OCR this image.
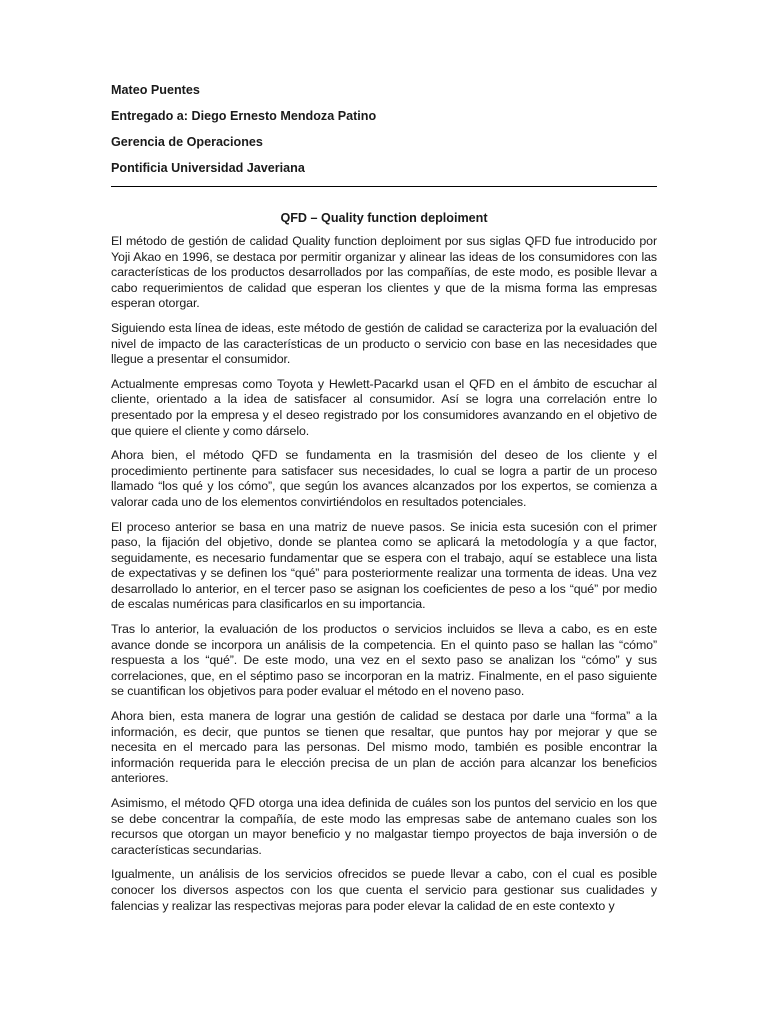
Mateo Puentes
Entregado a: Diego Ernesto Mendoza Patino
Gerencia de Operaciones
Pontificia Universidad Javeriana
QFD – Quality function deploiment

El método de gestión de calidad Quality function deploiment por sus siglas QFD fue introducido por Yoji Akao en 1996, se destaca por permitir organizar y alinear las ideas de los consumidores con las características de los productos desarrollados por las compañías, de este modo, es posible llevar a cabo requerimientos de calidad que esperan los clientes y que de la misma forma las empresas esperan otorgar.

Siguiendo esta línea de ideas, este método de gestión de calidad se caracteriza por la evaluación del nivel de impacto de las características de un producto o servicio con base en las necesidades que llegue a presentar el consumidor.

Actualmente empresas como Toyota y Hewlett-Pacarkd usan el QFD en el ámbito de escuchar al cliente, orientado a la idea de satisfacer al consumidor. Así se logra una correlación entre lo presentado por la empresa y el deseo registrado por los consumidores avanzando en el objetivo de que quiere el cliente y como dárselo.

Ahora bien, el método QFD se fundamenta en la trasmisión del deseo de los cliente y el procedimiento pertinente para satisfacer sus necesidades, lo cual se logra a partir de un proceso llamado “los qué y los cómo”, que según los avances alcanzados por los expertos, se comienza a valorar cada uno de los elementos convirtiéndolos en resultados potenciales.

El proceso anterior se basa en una matriz de nueve pasos. Se inicia esta sucesión con el primer paso, la fijación del objetivo, donde se plantea como se aplicará la metodología y a que factor, seguidamente, es necesario fundamentar que se espera con el trabajo, aquí se establece una lista de expectativas y se definen los “qué” para posteriormente realizar una tormenta de ideas. Una vez desarrollado lo anterior, en el tercer paso se asignan los coeficientes de peso a los “qué” por medio de escalas numéricas para clasificarlos en su importancia.

Tras lo anterior, la evaluación de los productos o servicios incluidos se lleva a cabo, es en este avance donde se incorpora un análisis de la competencia. En el quinto paso se hallan las “cómo” respuesta a los “qué”. De este modo, una vez en el sexto paso se analizan los “cómo” y sus correlaciones, que, en el séptimo paso se incorporan en la matriz. Finalmente, en el paso siguiente se cuantifican los objetivos para poder evaluar el método en el noveno paso.

Ahora bien, esta manera de lograr una gestión de calidad se destaca por darle una “forma” a la información, es decir, que puntos se tienen que resaltar, que puntos hay por mejorar y que se necesita en el mercado para las personas. Del mismo modo, también es posible encontrar la información requerida para le elección precisa de un plan de acción para alcanzar los beneficios anteriores.

Asimismo, el método QFD otorga una idea definida de cuáles son los puntos del servicio en los que se debe concentrar la compañía, de este modo las empresas sabe de antemano cuales son los recursos que otorgan un mayor beneficio y no malgastar tiempo proyectos de baja inversión o de características secundarias.

Igualmente, un análisis de los servicios ofrecidos se puede llevar a cabo, con el cual es posible conocer los diversos aspectos con los que cuenta el servicio para gestionar sus cualidades y falencias y realizar las respectivas mejoras para poder elevar la calidad de en este contexto y
